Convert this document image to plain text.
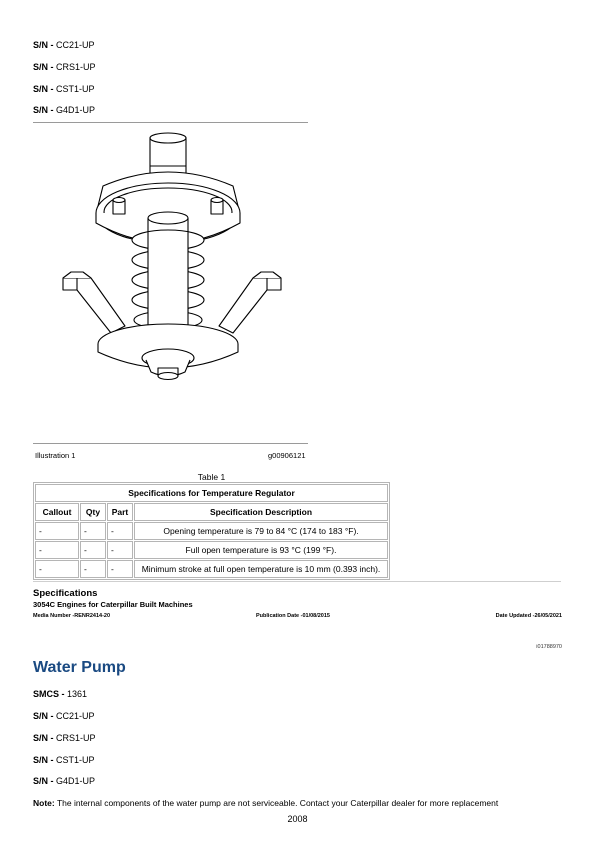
S/N - CC21-UP
S/N - CRS1-UP
S/N - CST1-UP
S/N - G4D1-UP
Illustration 1	g00906121
Table 1
Specifications for Temperature Regulator			
Callout	Qty	Part	Specification Description
-	-	-	Opening temperature is 79 to 84 °C (174 to 183 °F).
-	-	-	Full open temperature is 93 °C (199 °F).
-	-	-	Minimum stroke at full open temperature is 10 mm (0.393 inch).
Specifications
3054C Engines for Caterpillar Built Machines
Media Number -RENR2414-20	Publication Date -01/08/2015	Date Updated -26/05/2021
i01788970
Water Pump
SMCS - 1361
S/N - CC21-UP
S/N - CRS1-UP
S/N - CST1-UP
S/N - G4D1-UP
Note: The internal components of the water pump are not serviceable. Contact your Caterpillar dealer for more replacement
2008
